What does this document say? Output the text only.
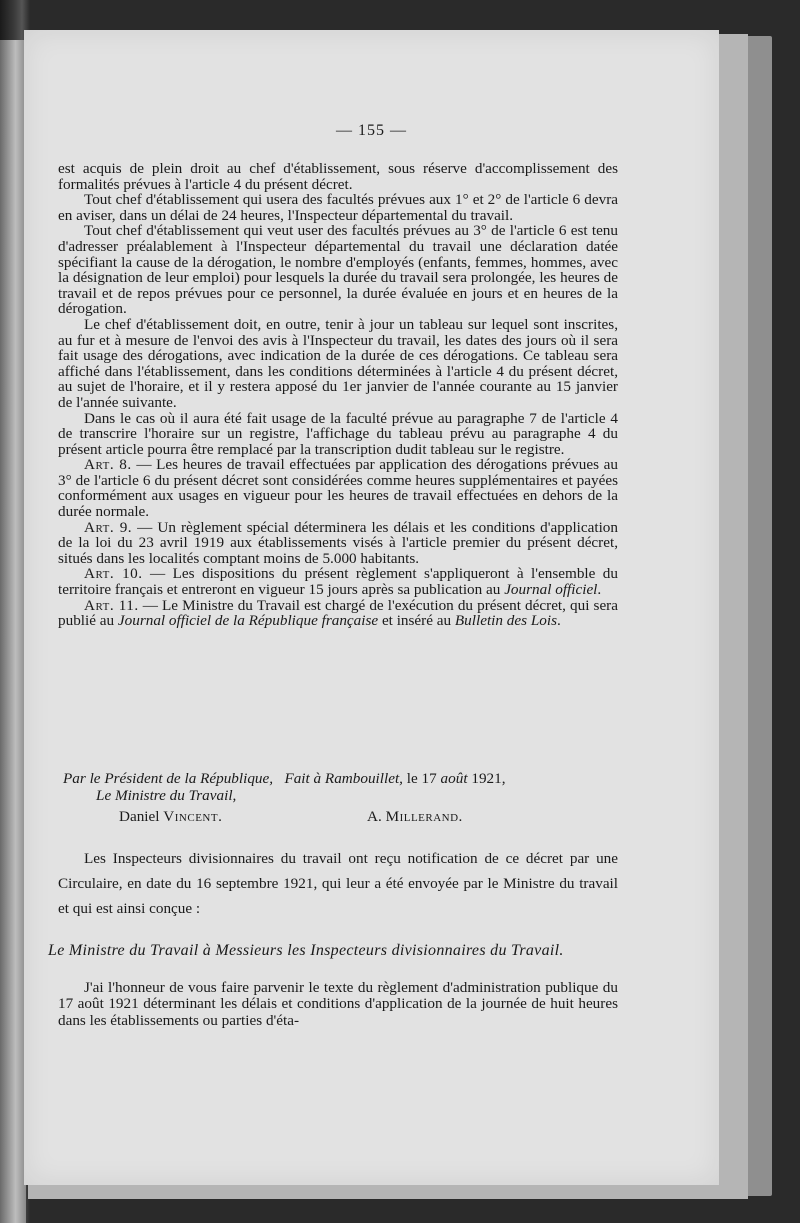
— 155 —

est acquis de plein droit au chef d'établissement, sous réserve d'accomplissement des formalités prévues à l'article 4 du présent décret.

Tout chef d'établissement qui usera des facultés prévues aux 1° et 2° de l'article 6 devra en aviser, dans un délai de 24 heures, l'Inspecteur départemental du travail.

Tout chef d'établissement qui veut user des facultés prévues au 3° de l'article 6 est tenu d'adresser préalablement à l'Inspecteur départemental du travail une déclaration datée spécifiant la cause de la dérogation, le nombre d'employés (enfants, femmes, hommes, avec la désignation de leur emploi) pour lesquels la durée du travail sera prolongée, les heures de travail et de repos prévues pour ce personnel, la durée évaluée en jours et en heures de la dérogation.

Le chef d'établissement doit, en outre, tenir à jour un tableau sur lequel sont inscrites, au fur et à mesure de l'envoi des avis à l'Inspecteur du travail, les dates des jours où il sera fait usage des dérogations, avec indication de la durée de ces dérogations. Ce tableau sera affiché dans l'établissement, dans les conditions déterminées à l'article 4 du présent décret, au sujet de l'horaire, et il y restera apposé du 1er janvier de l'année courante au 15 janvier de l'année suivante.

Dans le cas où il aura été fait usage de la faculté prévue au paragraphe 7 de l'article 4 de transcrire l'horaire sur un registre, l'affichage du tableau prévu au paragraphe 4 du présent article pourra être remplacé par la transcription dudit tableau sur le registre.

Art. 8. — Les heures de travail effectuées par application des dérogations prévues au 3° de l'article 6 du présent décret sont considérées comme heures supplémentaires et payées conformément aux usages en vigueur pour les heures de travail effectuées en dehors de la durée normale.

Art. 9. — Un règlement spécial déterminera les délais et les conditions d'application de la loi du 23 avril 1919 aux établissements visés à l'article premier du présent décret, situés dans les localités comptant moins de 5.000 habitants.

Art. 10. — Les dispositions du présent règlement s'appliqueront à l'ensemble du territoire français et entreront en vigueur 15 jours après sa publication au Journal officiel.

Art. 11. — Le Ministre du Travail est chargé de l'exécution du présent décret, qui sera publié au Journal officiel de la République française et inséré au Bulletin des Lois.

Par le Président de la République, Fait à Rambouillet, le 17 août 1921,
Le Ministre du Travail,
Daniel Vincent.	A. Millerand.

Les Inspecteurs divisionnaires du travail ont reçu notification de ce décret par une Circulaire, en date du 16 septembre 1921, qui leur a été envoyée par le Ministre du travail et qui est ainsi conçue :

Le Ministre du Travail à Messieurs les Inspecteurs divisionnaires du Travail.

J'ai l'honneur de vous faire parvenir le texte du règlement d'administration publique du 17 août 1921 déterminant les délais et conditions d'application de la journée de huit heures dans les établissements ou parties d'éta-
